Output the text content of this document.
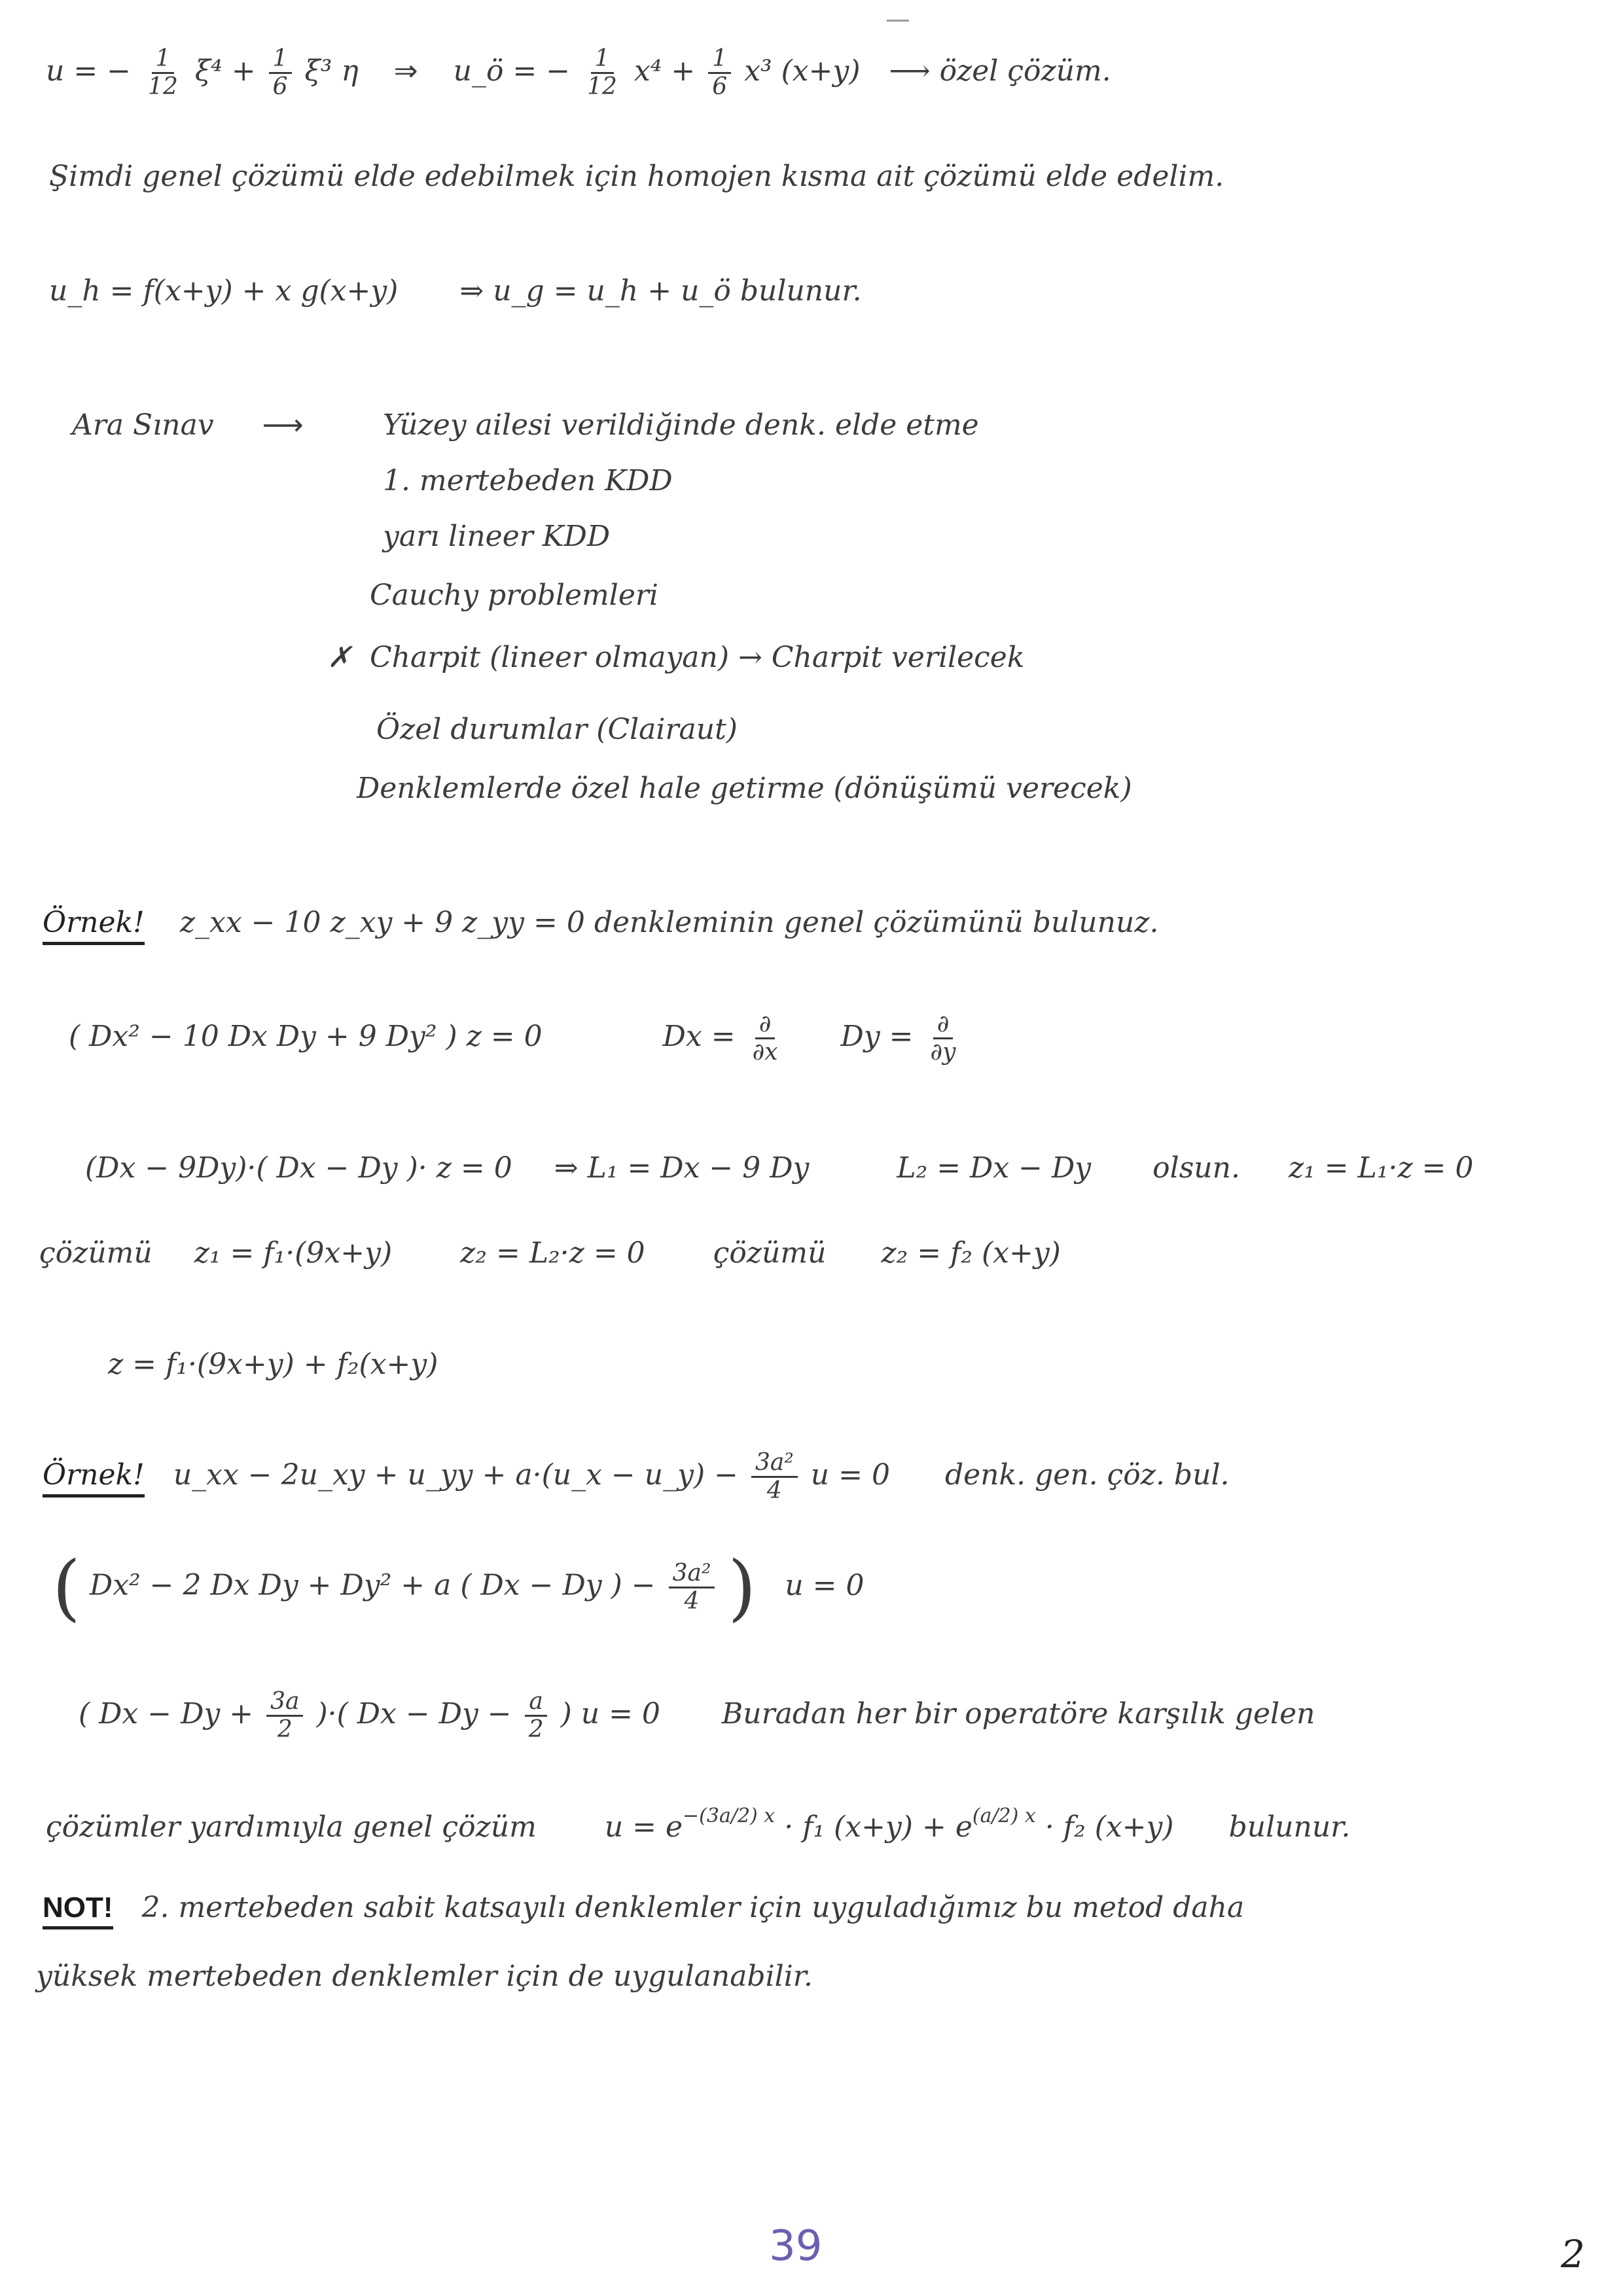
u = − $\frac{1}{12} \xi^4 + \frac{1}{6} \xi^3$ η ⇒ u_ö = − $\frac{1}{12} x^4 + \frac{1}{6} x^3$ (x+y) ⟶ özel çözüm.
Şimdi genel çözümü elde edebilmek için homojen kısma ait çözümü elde edelim.
u_h = f(x+y) + x g(x+y) ⇒ u_g = u_h + u_ö bulunur.
Ara Sınav ⟶	Yüzey ailesi verildiğinde denk. elde etme
1. mertebeden KDD
yarı lineer KDD
Cauchy problemleri
✗ Charpit (lineer olmayan) → Charpit verilecek
Özel durumlar (Clairaut)
Denklemlerde özel hale getirme (dönüşümü verecek)
Örnek! z_xx − 10 z_xy + 9 z_yy = 0 denkleminin genel çözümünü bulunuz.
( Dx² − 10 Dx Dy + 9 Dy² ) z = 0	$Dx = \frac{\partial}{\partial x}$ $Dy = \frac{\partial}{\partial y}$
(Dx − 9Dy)·( Dx − Dy )· z = 0 ⇒ L₁ = Dx − 9 Dy	L₂ = Dx − Dy olsun. z₁ = L₁·z = 0
çözümü z₁ = f₁·(9x+y) z₂ = L₂·z = 0 çözümü z₂ = f₂ (x+y)
z = f₁·(9x+y) + f₂(x+y)
Örnek! u_xx − 2u_xy + u_yy + a·(u_x − u_y) − $\frac{\text{3a²}}{4}$ u = 0 denk. gen. çöz. bul.
( Dx² − 2 Dx Dy + Dy² + a ( Dx − Dy ) − $\frac{\text{3a²}}{4}$ ) u = 0
( $Dx - Dy + \frac{3a}{2}$ )·( $Dx - Dy - \frac{a}{2}$ ) u = 0 Buradan her bir operatöre karşılık gelen
çözümler yardımıyla genel çözüm $u = e^{-(3a/2) x} \cdot f_1$ $(x+y) + e^{(a/2) x} \cdot f_2$ (x+y) bulunur.
NOT! 2. mertebeden sabit katsayılı denklemler için uyguladığımız bu metod daha
yüksek mertebeden denklemler için de uygulanabilir.
39	2
